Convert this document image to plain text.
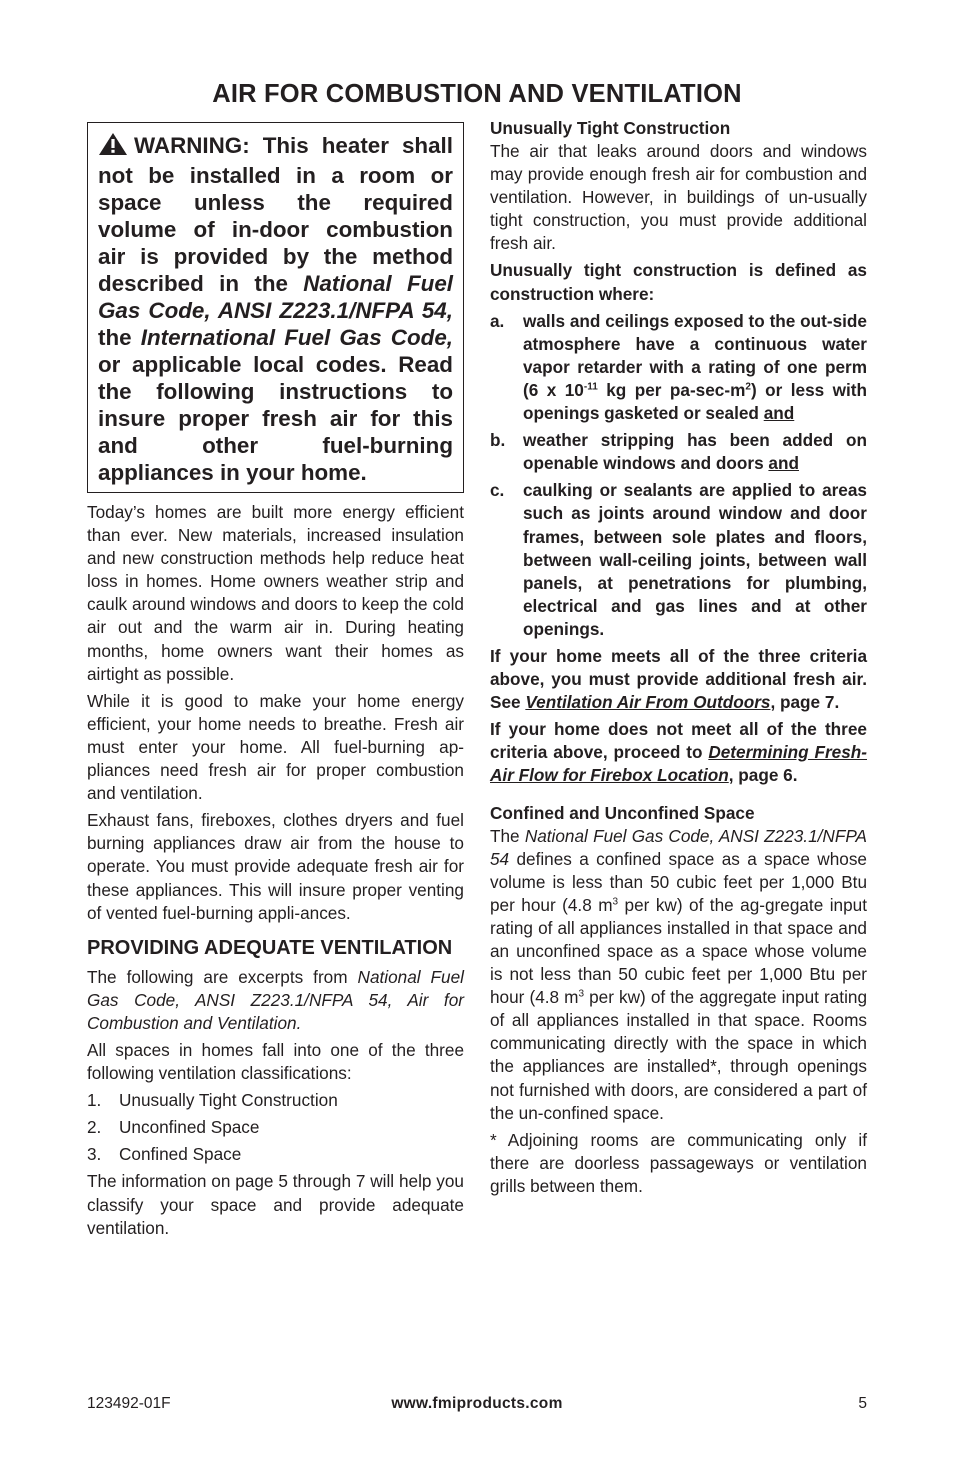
AIR FOR COMBUSTION AND VENTILATION

WARNING: This heater shall not be installed in a room or space unless the required volume of in-door combustion air is provided by the method described in the National Fuel Gas Code, ANSI Z223.1/NFPA 54, the International Fuel Gas Code, or applicable local codes. Read the following instructions to insure proper fresh air for this and other fuel-burning appliances in your home.

Today’s homes are built more energy efficient than ever. New materials, increased insulation and new construction methods help reduce heat loss in homes. Home owners weather strip and caulk around windows and doors to keep the cold air out and the warm air in. During heating months, home owners want their homes as airtight as possible.

While it is good to make your home energy efficient, your home needs to breathe. Fresh air must enter your home. All fuel-burning ap-pliances need fresh air for proper combustion and ventilation.

Exhaust fans, fireboxes, clothes dryers and fuel burning appliances draw air from the house to operate. You must provide adequate fresh air for these appliances. This will insure proper venting of vented fuel-burning appli-ances.

PROVIDING ADEQUATE VENTILATION

The following are excerpts from National Fuel Gas Code, ANSI Z223.1/NFPA 54, Air for Combustion and Ventilation.

All spaces in homes fall into one of the three following ventilation classifications:

1.	Unusually Tight Construction
2.	Unconfined Space
3.	Confined Space

The information on page 5 through 7 will help you classify your space and provide adequate ventilation.

Unusually Tight Construction

The air that leaks around doors and windows may provide enough fresh air for combustion and ventilation. However, in buildings of un-usually tight construction, you must provide additional fresh air.

Unusually tight construction is defined as construction where:

a.	walls and ceilings exposed to the out-side atmosphere have a continuous water vapor retarder with a rating of one perm (6 x $10^{-11}$ kg per $pa-\sec-m^2$) or less with openings gasketed or sealed and
b.	weather stripping has been added on openable windows and doors and
c.	caulking or sealants are applied to areas such as joints around window and door frames, between sole plates and floors, between wall-ceiling joints, between wall panels, at penetrations for plumbing, electrical and gas lines and at other openings.

If your home meets all of the three criteria above, you must provide additional fresh air. See Ventilation Air From Outdoors, page 7.

If your home does not meet all of the three criteria above, proceed to Determining Fresh-Air Flow for Firebox Location, page 6.

Confined and Unconfined Space

The National Fuel Gas Code, ANSI Z223.1/NFPA 54 defines a confined space as a space whose volume is less than 50 cubic feet per 1,000 Btu per hour (4.8 $m^3$ per kw) of the ag-gregate input rating of all appliances installed in that space and an unconfined space as a space whose volume is not less than 50 cubic feet per 1,000 Btu per hour (4.8 $m^3$ per kw) of the aggregate input rating of all appliances installed in that space. Rooms communicating directly with the space in which the appliances are installed*, through openings not furnished with doors, are considered a part of the un-confined space.

* Adjoining rooms are communicating only if there are doorless passageways or ventilation grills between them.

www.fmiproducts.com
123492-01F	5
